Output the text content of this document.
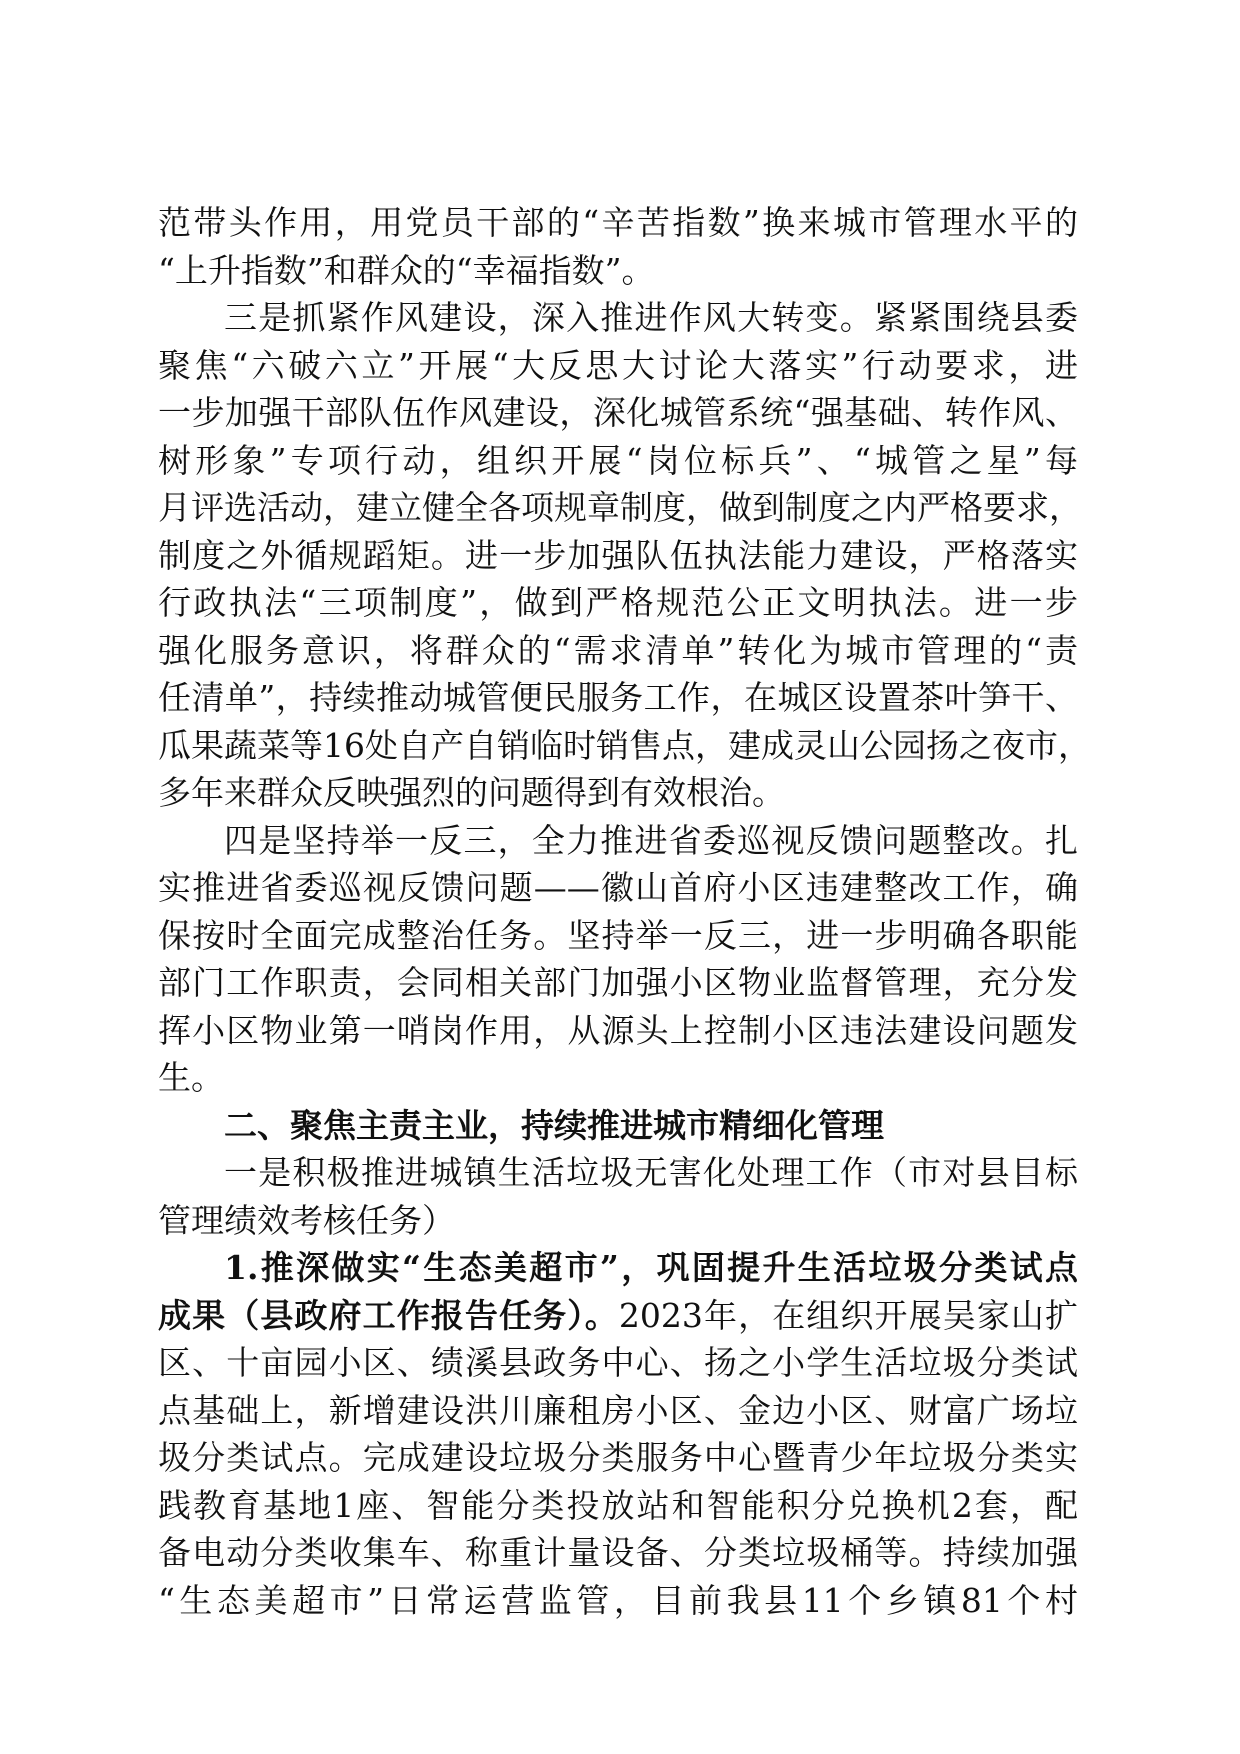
范带头作用，用党员干部的“辛苦指数”换来城市管理水平的
“上升指数”和群众的“幸福指数”。
三是抓紧作风建设，深入推进作风大转变。紧紧围绕县委
聚焦“六破六立”开展“大反思大讨论大落实”行动要求，进
一步加强干部队伍作风建设，深化城管系统“强基础、转作风、
树形象”专项行动，组织开展“岗位标兵”、“城管之星”每
月评选活动，建立健全各项规章制度，做到制度之内严格要求，
制度之外循规蹈矩。进一步加强队伍执法能力建设，严格落实
行政执法“三项制度”，做到严格规范公正文明执法。进一步
强化服务意识，将群众的“需求清单”转化为城市管理的“责
任清单”，持续推动城管便民服务工作，在城区设置茶叶笋干、
瓜果蔬菜等16处自产自销临时销售点，建成灵山公园扬之夜市，
多年来群众反映强烈的问题得到有效根治。
四是坚持举一反三，全力推进省委巡视反馈问题整改。扎
实推进省委巡视反馈问题——徽山首府小区违建整改工作，确
保按时全面完成整治任务。坚持举一反三，进一步明确各职能
部门工作职责，会同相关部门加强小区物业监督管理，充分发
挥小区物业第一哨岗作用，从源头上控制小区违法建设问题发
生。
二、聚焦主责主业，持续推进城市精细化管理
一是积极推进城镇生活垃圾无害化处理工作（市对县目标
管理绩效考核任务）
1.推深做实“生态美超市”，巩固提升生活垃圾分类试点
成果（县政府工作报告任务）。2023年，在组织开展吴家山扩
区、十亩园小区、绩溪县政务中心、扬之小学生活垃圾分类试
点基础上，新增建设洪川廉租房小区、金边小区、财富广场垃
圾分类试点。完成建设垃圾分类服务中心暨青少年垃圾分类实
践教育基地1座、智能分类投放站和智能积分兑换机2套，配
备电动分类收集车、称重计量设备、分类垃圾桶等。持续加强
“生态美超市”日常运营监管，目前我县11个乡镇81个村
